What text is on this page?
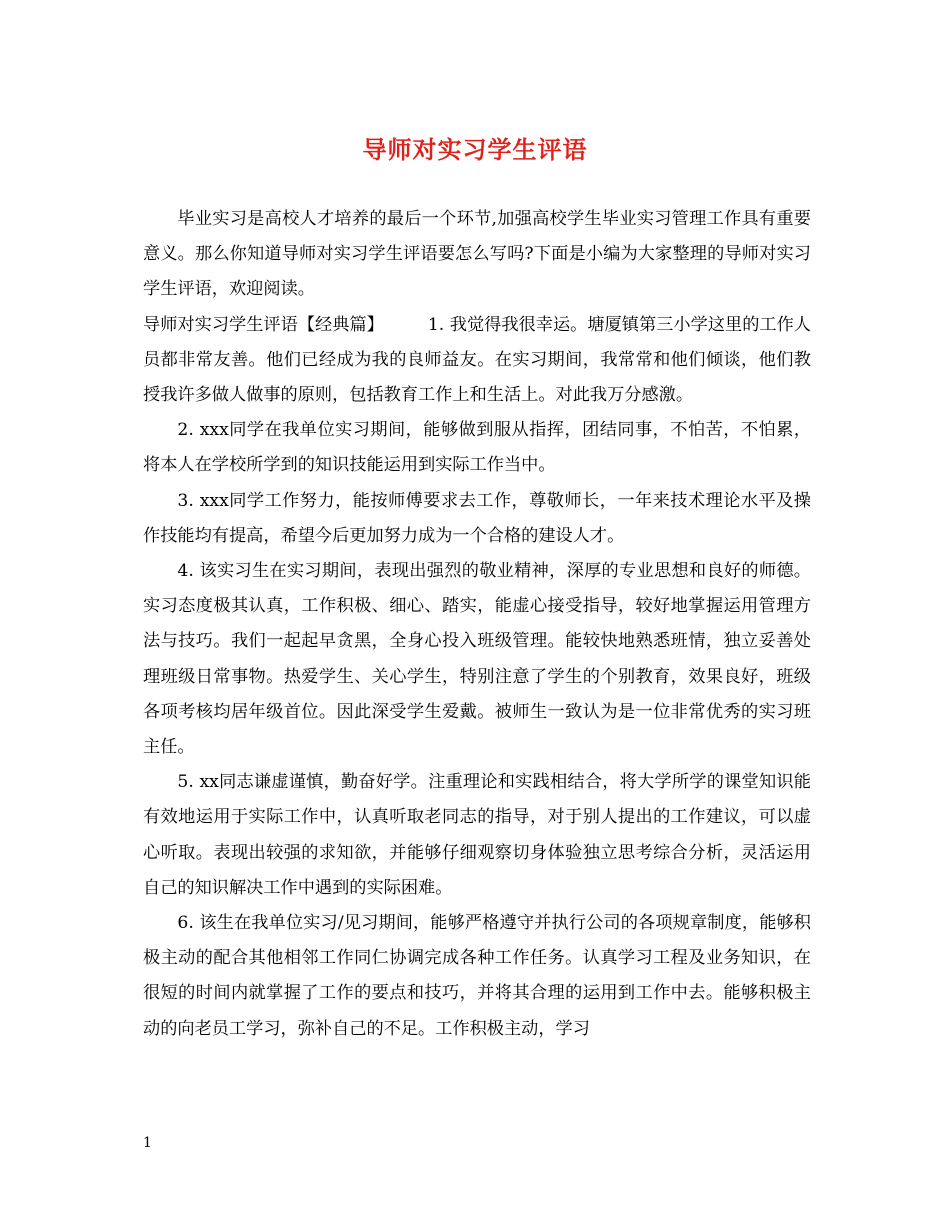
导师对实习学生评语

毕业实习是高校人才培养的最后一个环节,加强高校学生毕业实习管理工作具有重要意义。那么你知道导师对实习学生评语要怎么写吗?下面是小编为大家整理的导师对实习学生评语，欢迎阅读。

导师对实习学生评语【经典篇】	1. 我觉得我很幸运。塘厦镇第三小学这里的工作人员都非常友善。他们已经成为我的良师益友。在实习期间，我常常和他们倾谈，他们教授我许多做人做事的原则，包括教育工作上和生活上。对此我万分感激。

2. xxx同学在我单位实习期间，能够做到服从指挥，团结同事，不怕苦，不怕累，将本人在学校所学到的知识技能运用到实际工作当中。

3. xxx同学工作努力，能按师傅要求去工作，尊敬师长，一年来技术理论水平及操作技能均有提高，希望今后更加努力成为一个合格的建设人才。

4. 该实习生在实习期间，表现出强烈的敬业精神，深厚的专业思想和良好的师德。实习态度极其认真，工作积极、细心、踏实，能虚心接受指导，较好地掌握运用管理方法与技巧。我们一起起早贪黑，全身心投入班级管理。能较快地熟悉班情，独立妥善处理班级日常事物。热爱学生、关心学生，特别注意了学生的个别教育，效果良好，班级各项考核均居年级首位。因此深受学生爱戴。被师生一致认为是一位非常优秀的实习班主任。

5. xx同志谦虚谨慎，勤奋好学。注重理论和实践相结合，将大学所学的课堂知识能有效地运用于实际工作中，认真听取老同志的指导，对于别人提出的工作建议，可以虚心听取。表现出较强的求知欲，并能够仔细观察切身体验独立思考综合分析，灵活运用自己的知识解决工作中遇到的实际困难。

6. 该生在我单位实习/见习期间，能够严格遵守并执行公司的各项规章制度，能够积极主动的配合其他相邻工作同仁协调完成各种工作任务。认真学习工程及业务知识，在很短的时间内就掌握了工作的要点和技巧，并将其合理的运用到工作中去。能够积极主动的向老员工学习，弥补自己的不足。工作积极主动，学习

1
